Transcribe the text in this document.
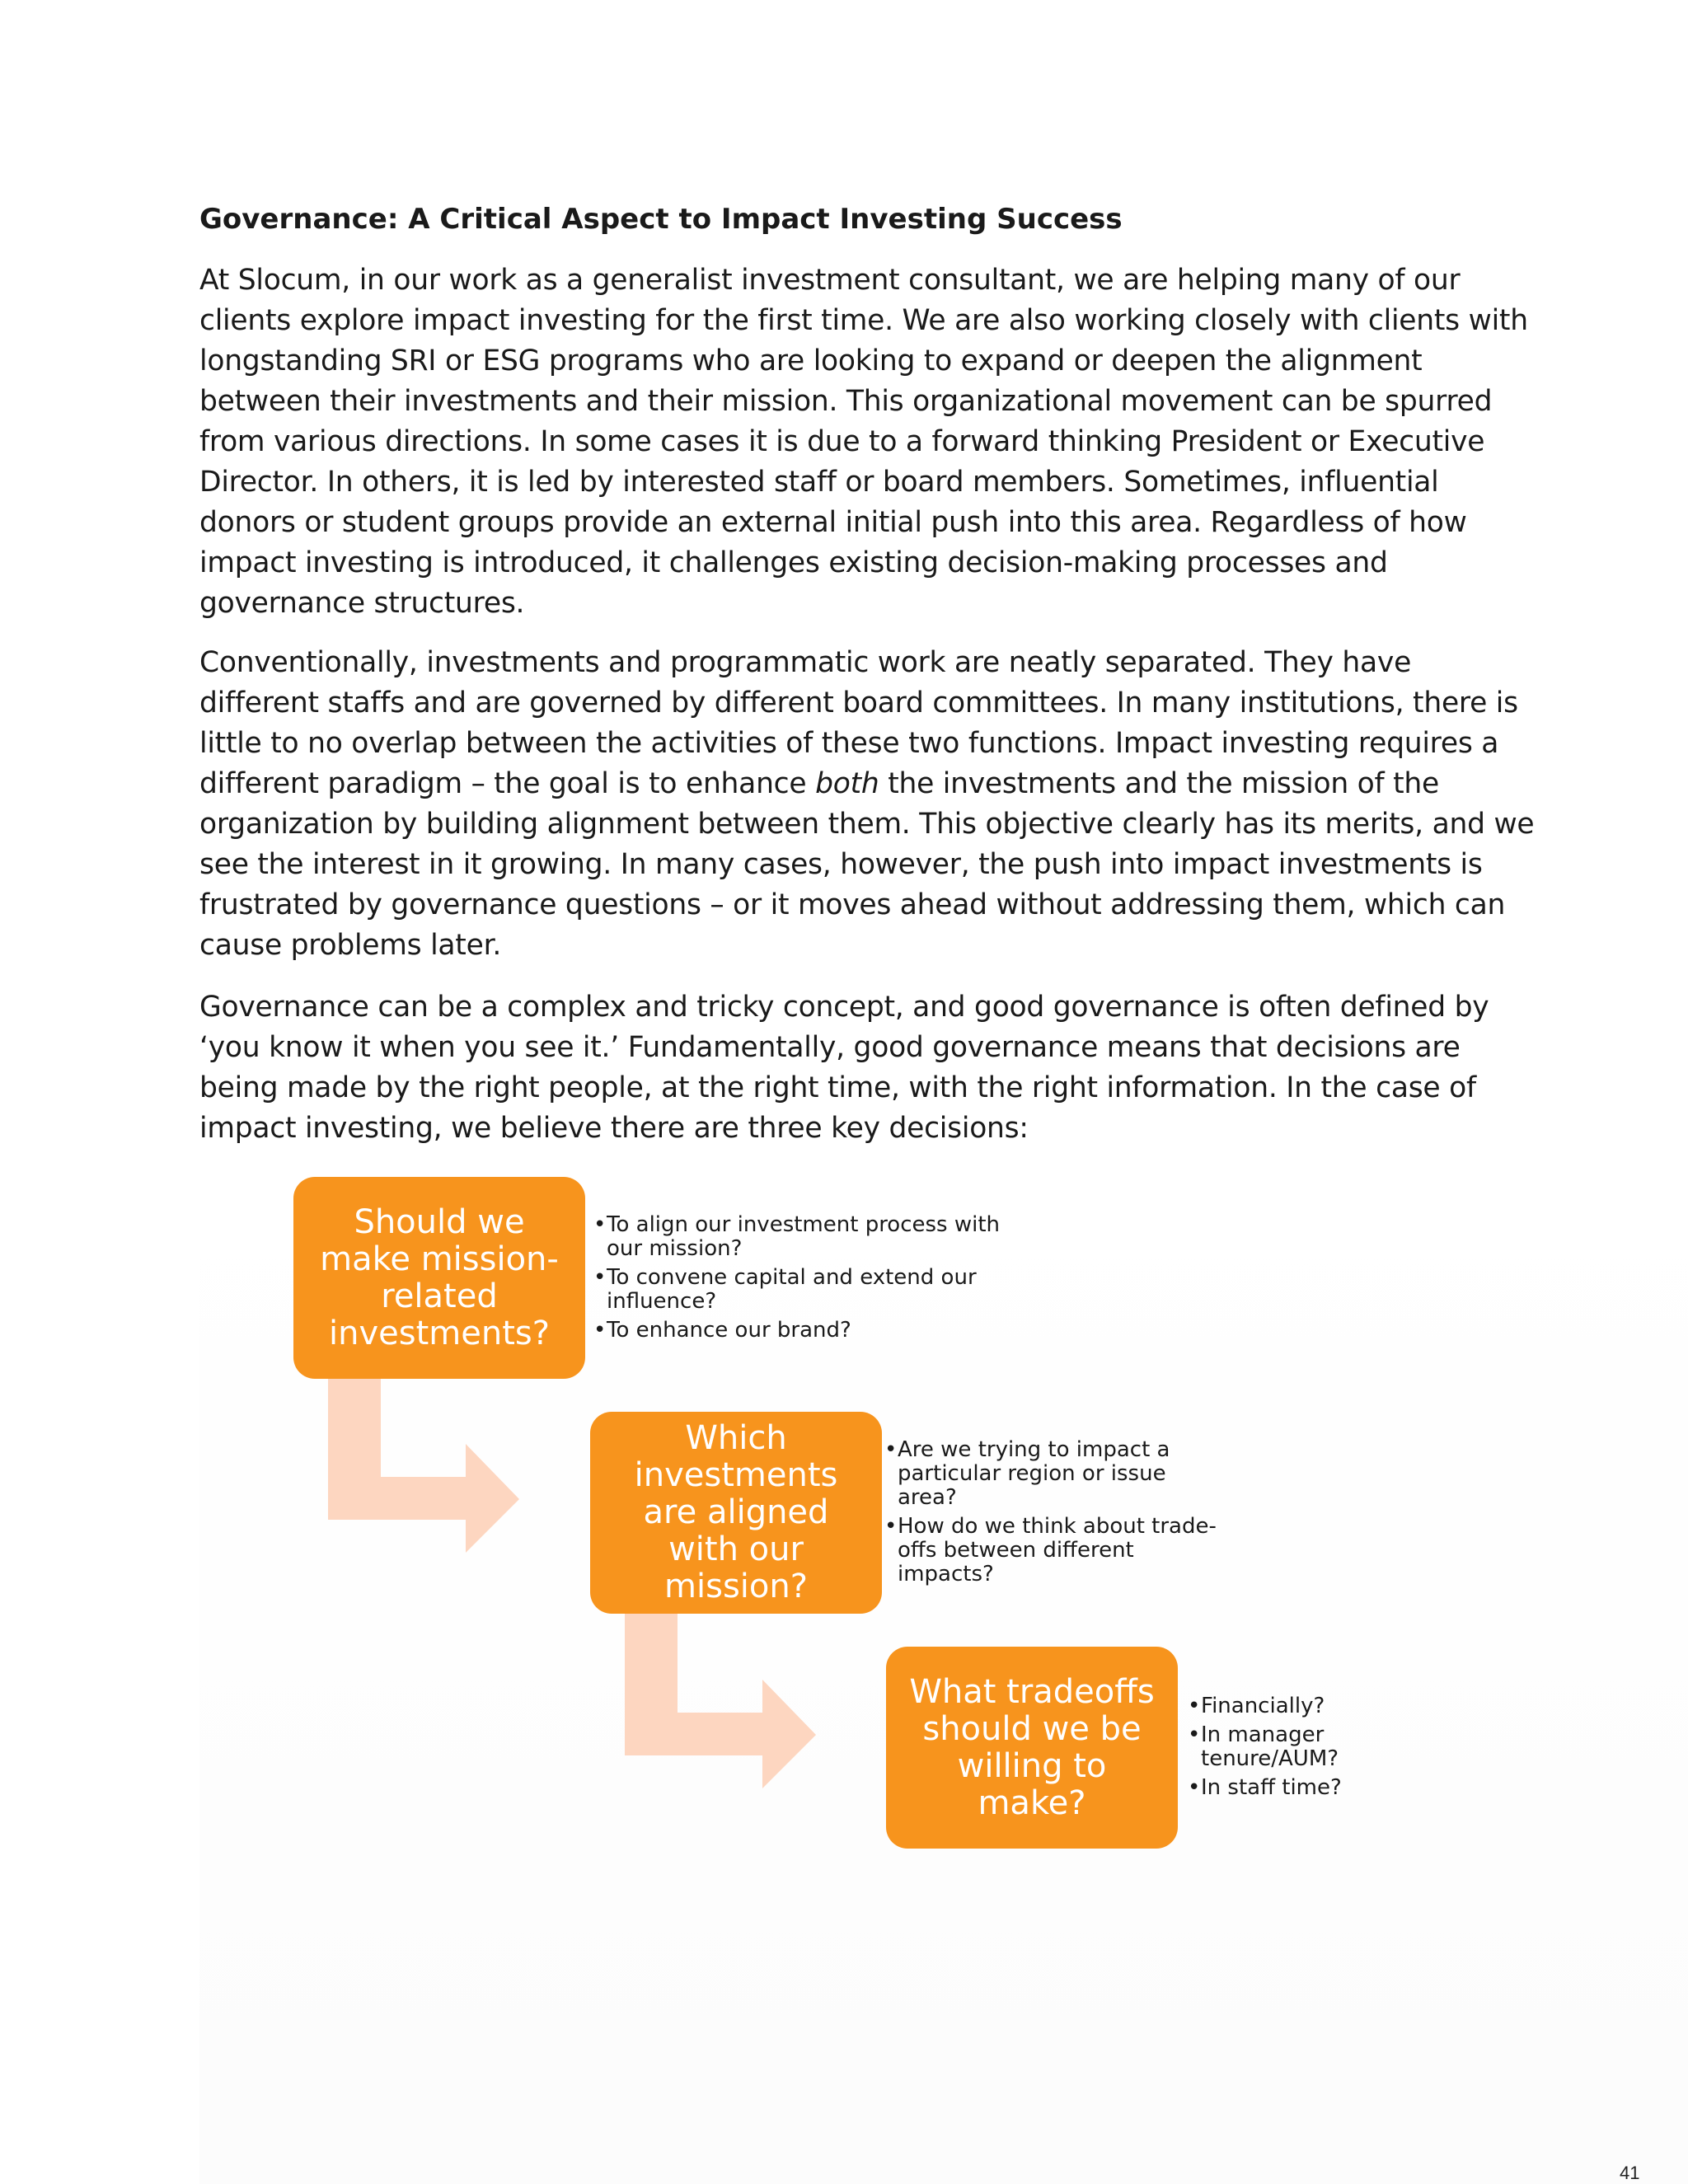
Governance: A Critical Aspect to Impact Investing Success

At Slocum, in our work as a generalist investment consultant, we are helping many of our clients explore impact investing for the first time. We are also working closely with clients with longstanding SRI or ESG programs who are looking to expand or deepen the alignment between their investments and their mission. This organizational movement can be spurred from various directions. In some cases it is due to a forward thinking President or Executive Director. In others, it is led by interested staff or board members. Sometimes, influential donors or student groups provide an external initial push into this area. Regardless of how impact investing is introduced, it challenges existing decision-making processes and governance structures.

Conventionally, investments and programmatic work are neatly separated. They have different staffs and are governed by different board committees. In many institutions, there is little to no overlap between the activities of these two functions. Impact investing requires a different paradigm – the goal is to enhance both the investments and the mission of the organization by building alignment between them. This objective clearly has its merits, and we see the interest in it growing. In many cases, however, the push into impact investments is frustrated by governance questions – or it moves ahead without addressing them, which can cause problems later.

Governance can be a complex and tricky concept, and good governance is often defined by ‘you know it when you see it.’ Fundamentally, good governance means that decisions are being made by the right people, at the right time, with the right information. In the case of impact investing, we believe there are three key decisions:

Should we make mission-related investments?
Which investments are aligned with our mission?
What tradeoffs should we be willing to make?
•To align our investment process with our mission?
•To convene capital and extend our influence?
•To enhance our brand?
•Are we trying to impact a particular region or issue area?
•How do we think about trade-offs between different impacts?
•Financially?
•In manager tenure/AUM?
•In staff time?
41
